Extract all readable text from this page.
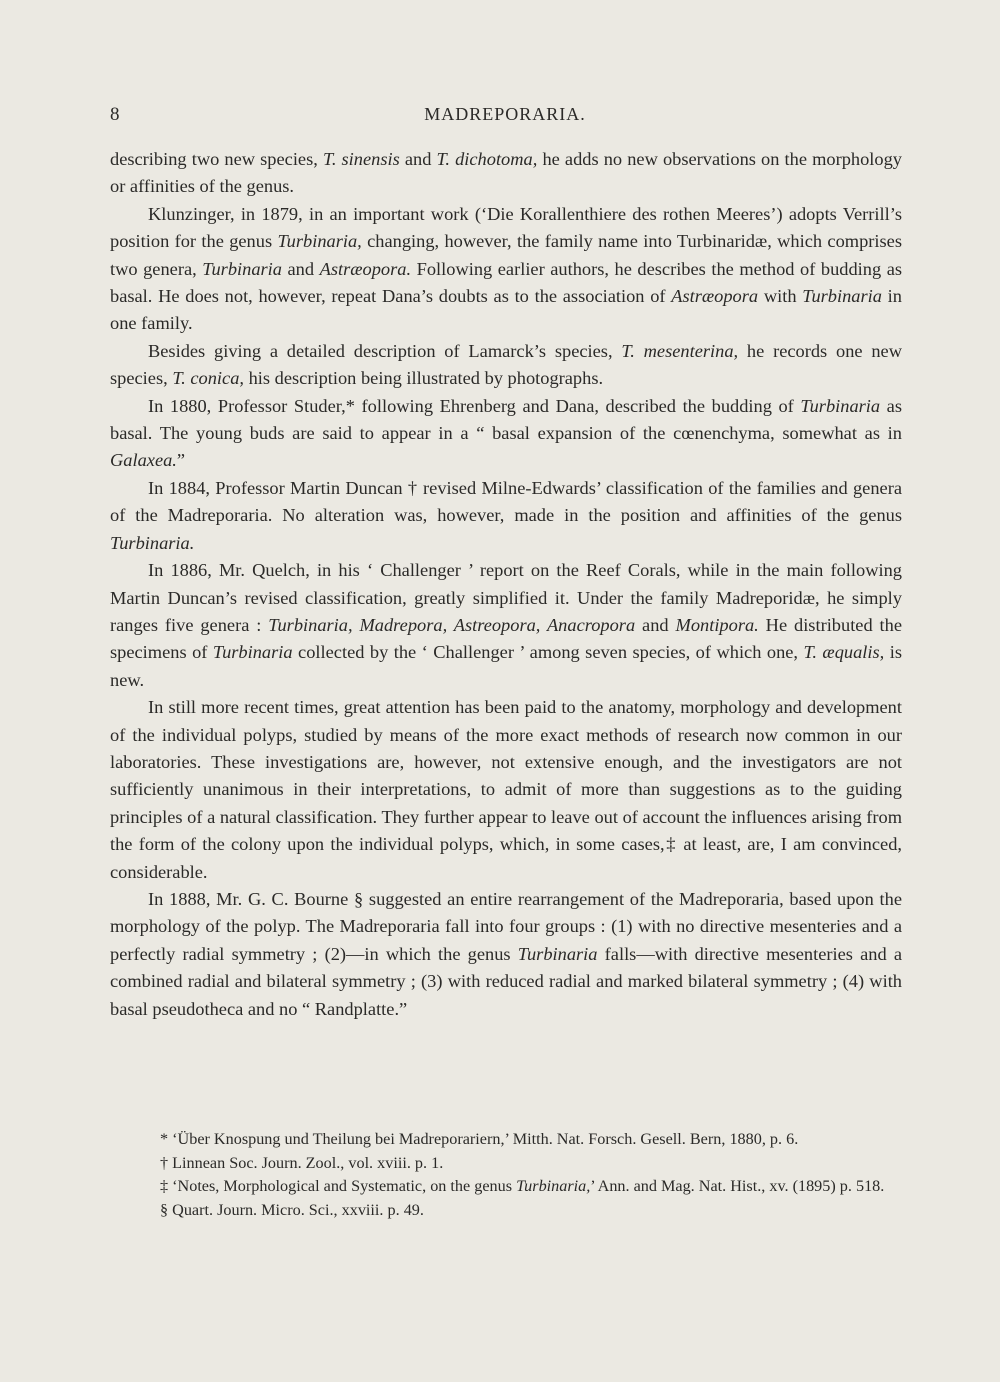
8	MADREPORARIA.

describing two new species, T. sinensis and T. dichotoma, he adds no new observations on the morphology or affinities of the genus.

Klunzinger, in 1879, in an important work (‘Die Korallenthiere des rothen Meeres’) adopts Verrill’s position for the genus Turbinaria, changing, however, the family name into Turbinaridæ, which comprises two genera, Turbinaria and Astræopora. Following earlier authors, he describes the method of budding as basal. He does not, however, repeat Dana’s doubts as to the association of Astræopora with Turbinaria in one family.

Besides giving a detailed description of Lamarck’s species, T. mesenterina, he records one new species, T. conica, his description being illustrated by photographs.

In 1880, Professor Studer,* following Ehrenberg and Dana, described the budding of Turbinaria as basal. The young buds are said to appear in a “ basal expansion of the cœnenchyma, somewhat as in Galaxea.”

In 1884, Professor Martin Duncan † revised Milne-Edwards’ classification of the families and genera of the Madreporaria. No alteration was, however, made in the position and affinities of the genus Turbinaria.

In 1886, Mr. Quelch, in his ‘ Challenger ’ report on the Reef Corals, while in the main following Martin Duncan’s revised classification, greatly simplified it. Under the family Madreporidæ, he simply ranges five genera : Turbinaria, Madrepora, Astreopora, Anacropora and Montipora. He distributed the specimens of Turbinaria collected by the ‘ Challenger ’ among seven species, of which one, T. æqualis, is new.

In still more recent times, great attention has been paid to the anatomy, morphology and development of the individual polyps, studied by means of the more exact methods of research now common in our laboratories. These investigations are, however, not extensive enough, and the investigators are not sufficiently unanimous in their interpretations, to admit of more than suggestions as to the guiding principles of a natural classification. They further appear to leave out of account the influences arising from the form of the colony upon the individual polyps, which, in some cases,‡ at least, are, I am convinced, considerable.

In 1888, Mr. G. C. Bourne § suggested an entire rearrangement of the Madreporaria, based upon the morphology of the polyp. The Madreporaria fall into four groups : (1) with no directive mesenteries and a perfectly radial symmetry ; (2)—in which the genus Turbinaria falls—with directive mesenteries and a combined radial and bilateral symmetry ; (3) with reduced radial and marked bilateral symmetry ; (4) with basal pseudotheca and no “ Randplatte.”

* ‘Über Knospung und Theilung bei Madreporariern,’ Mitth. Nat. Forsch. Gesell. Bern, 1880, p. 6.

† Linnean Soc. Journ. Zool., vol. xviii. p. 1.

‡ ‘Notes, Morphological and Systematic, on the genus Turbinaria,’ Ann. and Mag. Nat. Hist., xv. (1895) p. 518.

§ Quart. Journ. Micro. Sci., xxviii. p. 49.
